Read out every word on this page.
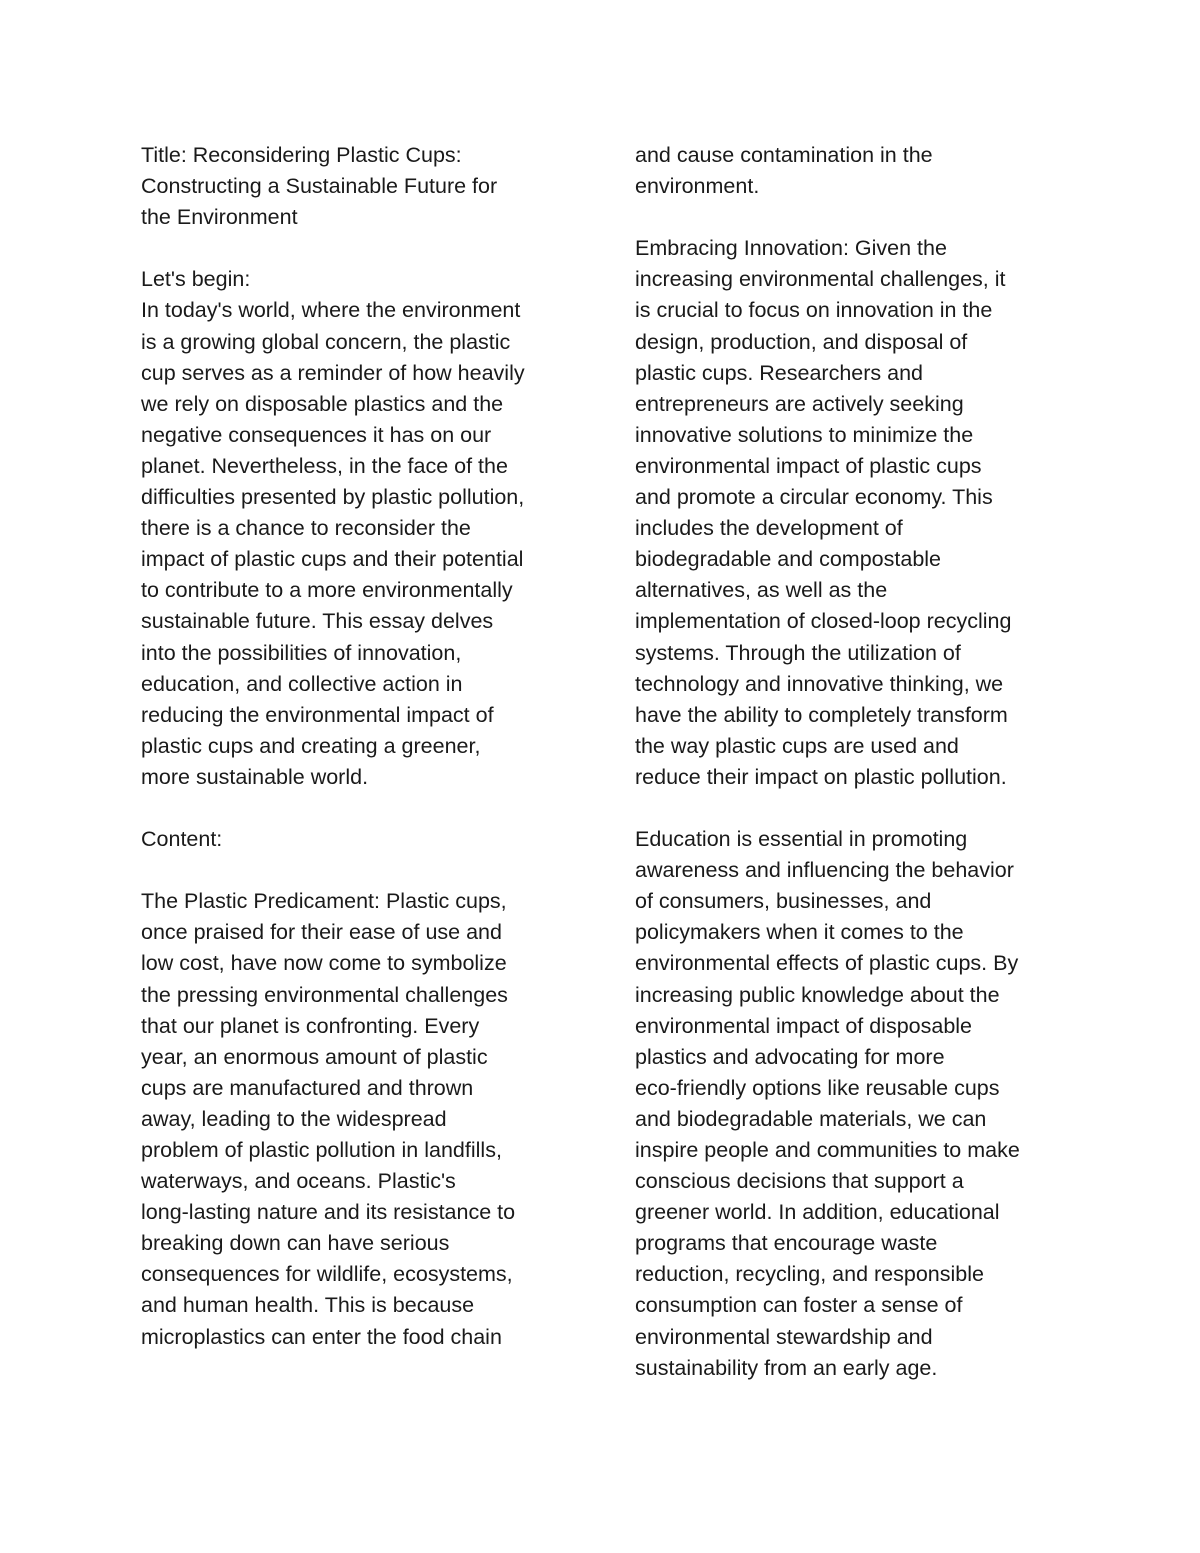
Title: Reconsidering Plastic Cups:
Constructing a Sustainable Future for
the Environment
Let's begin:
In today's world, where the environment
is a growing global concern, the plastic
cup serves as a reminder of how heavily
we rely on disposable plastics and the
negative consequences it has on our
planet. Nevertheless, in the face of the
difficulties presented by plastic pollution,
there is a chance to reconsider the
impact of plastic cups and their potential
to contribute to a more environmentally
sustainable future. This essay delves
into the possibilities of innovation,
education, and collective action in
reducing the environmental impact of
plastic cups and creating a greener,
more sustainable world.
Content:
The Plastic Predicament: Plastic cups,
once praised for their ease of use and
low cost, have now come to symbolize
the pressing environmental challenges
that our planet is confronting. Every
year, an enormous amount of plastic
cups are manufactured and thrown
away, leading to the widespread
problem of plastic pollution in landfills,
waterways, and oceans. Plastic's
long-lasting nature and its resistance to
breaking down can have serious
consequences for wildlife, ecosystems,
and human health. This is because
microplastics can enter the food chain
and cause contamination in the
environment.
Embracing Innovation: Given the
increasing environmental challenges, it
is crucial to focus on innovation in the
design, production, and disposal of
plastic cups. Researchers and
entrepreneurs are actively seeking
innovative solutions to minimize the
environmental impact of plastic cups
and promote a circular economy. This
includes the development of
biodegradable and compostable
alternatives, as well as the
implementation of closed-loop recycling
systems. Through the utilization of
technology and innovative thinking, we
have the ability to completely transform
the way plastic cups are used and
reduce their impact on plastic pollution.
Education is essential in promoting
awareness and influencing the behavior
of consumers, businesses, and
policymakers when it comes to the
environmental effects of plastic cups. By
increasing public knowledge about the
environmental impact of disposable
plastics and advocating for more
eco-friendly options like reusable cups
and biodegradable materials, we can
inspire people and communities to make
conscious decisions that support a
greener world. In addition, educational
programs that encourage waste
reduction, recycling, and responsible
consumption can foster a sense of
environmental stewardship and
sustainability from an early age.
